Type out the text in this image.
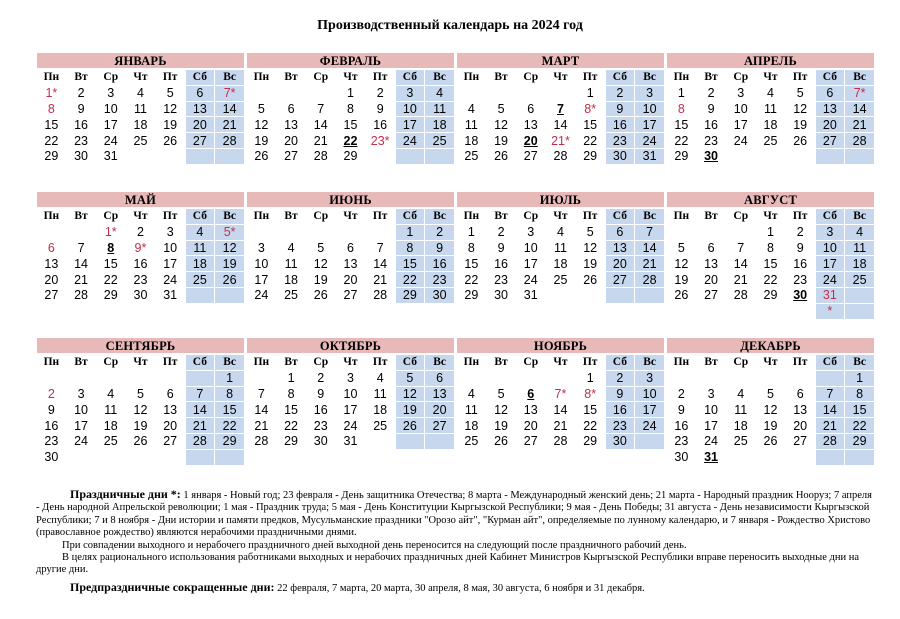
Производственный календарь на 2024 год
ЯНВАРЬ
Пн	Вт	Ср	Чт	Пт	Сб	Вс
1*	2	3	4	5	6	7*
8	9	10	11	12	13	14
15	16	17	18	19	20	21
22	23	24	25	26	27	28
29	30	31				
ФЕВРАЛЬ
Пн	Вт	Ср	Чт	Пт	Сб	Вс
			1	2	3	4
5	6	7	8	9	10	11
12	13	14	15	16	17	18
19	20	21	22	23*	24	25
26	27	28	29			
МАРТ
Пн	Вт	Ср	Чт	Пт	Сб	Вс
				1	2	3
4	5	6	7	8*	9	10
11	12	13	14	15	16	17
18	19	20	21*	22	23	24
25	26	27	28	29	30	31
АПРЕЛЬ
Пн	Вт	Ср	Чт	Пт	Сб	Вс
1	2	3	4	5	6	7*
8	9	10	11	12	13	14
15	16	17	18	19	20	21
22	23	24	25	26	27	28
29	30					
МАЙ
Пн	Вт	Ср	Чт	Пт	Сб	Вс
		1*	2	3	4	5*
6	7	8	9*	10	11	12
13	14	15	16	17	18	19
20	21	22	23	24	25	26
27	28	29	30	31		
ИЮНЬ
Пн	Вт	Ср	Чт	Пт	Сб	Вс
					1	2
3	4	5	6	7	8	9
10	11	12	13	14	15	16
17	18	19	20	21	22	23
24	25	26	27	28	29	30
ИЮЛЬ
Пн	Вт	Ср	Чт	Пт	Сб	Вс
1	2	3	4	5	6	7
8	9	10	11	12	13	14
15	16	17	18	19	20	21
22	23	24	25	26	27	28
29	30	31				
АВГУСТ
Пн	Вт	Ср	Чт	Пт	Сб	Вс
			1	2	3	4
5	6	7	8	9	10	11
12	13	14	15	16	17	18
19	20	21	22	23	24	25
26	27	28	29	30	31	
					*	
СЕНТЯБРЬ
Пн	Вт	Ср	Чт	Пт	Сб	Вс
						1
2	3	4	5	6	7	8
9	10	11	12	13	14	15
16	17	18	19	20	21	22
23	24	25	26	27	28	29
30						
ОКТЯБРЬ
Пн	Вт	Ср	Чт	Пт	Сб	Вс
	1	2	3	4	5	6
7	8	9	10	11	12	13
14	15	16	17	18	19	20
21	22	23	24	25	26	27
28	29	30	31			
НОЯБРЬ
Пн	Вт	Ср	Чт	Пт	Сб	Вс
				1	2	3
4	5	6	7*	8*	9	10
11	12	13	14	15	16	17
18	19	20	21	22	23	24
25	26	27	28	29	30	
ДЕКАБРЬ
Пн	Вт	Ср	Чт	Пт	Сб	Вс
						1
2	3	4	5	6	7	8
9	10	11	12	13	14	15
16	17	18	19	20	21	22
23	24	25	26	27	28	29
30	31					

Праздничные дни *: 1 января - Новый год; 23 февраля - День защитника Отечества; 8 марта - Международный женский день; 21 марта - Народный праздник Нооруз; 7 апреля - День народной Апрельской революции; 1 мая - Праздник труда; 5 мая - День Конституции Кыргызской Республики; 9 мая - День Победы; 31 августа - День независимости Кыргызской Республики; 7 и 8 ноября - Дни истории и памяти предков, Мусульманские праздники "Орозо айт", "Курман айт", определяемые по лунному календарю, и 7 января - Рождество Христово (православное рождество) являются нерабочими праздничными днями.

При совпадении выходного и нерабочего праздничного дней выходной день переносится на следующий после праздничного рабочий день.

В целях рационального использования работниками выходных и нерабочих праздничных дней Кабинет Министров Кыргызской Республики вправе переносить выходные дни на другие дни.

Предпраздничные сокращенные дни: 22 февраля, 7 марта, 20 марта, 30 апреля, 8 мая, 30 августа, 6 ноября и 31 декабря.
